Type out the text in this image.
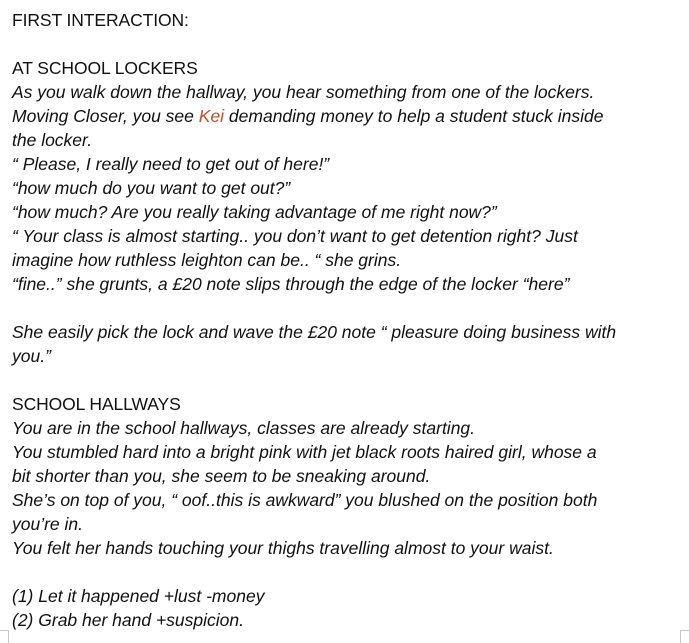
FIRST INTERACTION:
AT SCHOOL LOCKERS
As you walk down the hallway, you hear something from one of the lockers.
Moving Closer, you see Kei demanding money to help a student stuck inside
the locker.
“ Please, I really need to get out of here!”
“how much do you want to get out?”
“how much? Are you really taking advantage of me right now?”
“ Your class is almost starting.. you don’t want to get detention right? Just
imagine how ruthless leighton can be.. “ she grins.
“fine..” she grunts, a £20 note slips through the edge of the locker “here”
She easily pick the lock and wave the £20 note “ pleasure doing business with
you.”
SCHOOL HALLWAYS
You are in the school hallways, classes are already starting.
You stumbled hard into a bright pink with jet black roots haired girl, whose a
bit shorter than you, she seem to be sneaking around.
She’s on top of you, “ oof..this is awkward” you blushed on the position both
you’re in.
You felt her hands touching your thighs travelling almost to your waist.
(1) Let it happened +lust -money
(2) Grab her hand +suspicion.
